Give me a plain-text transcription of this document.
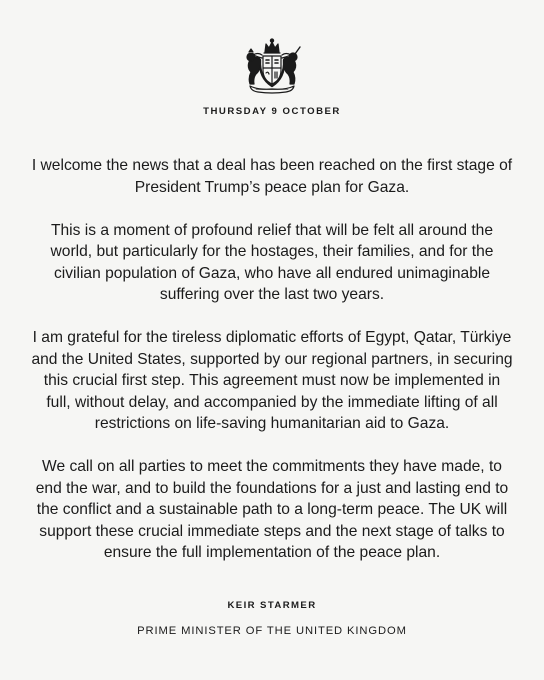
THURSDAY 9 OCTOBER

I welcome the news that a deal has been reached on the first stage of President Trump’s peace plan for Gaza.

This is a moment of profound relief that will be felt all around the world, but particularly for the hostages, their families, and for the civilian population of Gaza, who have all endured unimaginable suffering over the last two years.

I am grateful for the tireless diplomatic efforts of Egypt, Qatar, Türkiye and the United States, supported by our regional partners, in securing this crucial first step. This agreement must now be implemented in full, without delay, and accompanied by the immediate lifting of all restrictions on life-saving humanitarian aid to Gaza.

We call on all parties to meet the commitments they have made, to end the war, and to build the foundations for a just and lasting end to the conflict and a sustainable path to a long-term peace. The UK will support these crucial immediate steps and the next stage of talks to ensure the full implementation of the peace plan.

KEIR STARMER
PRIME MINISTER OF THE UNITED KINGDOM
